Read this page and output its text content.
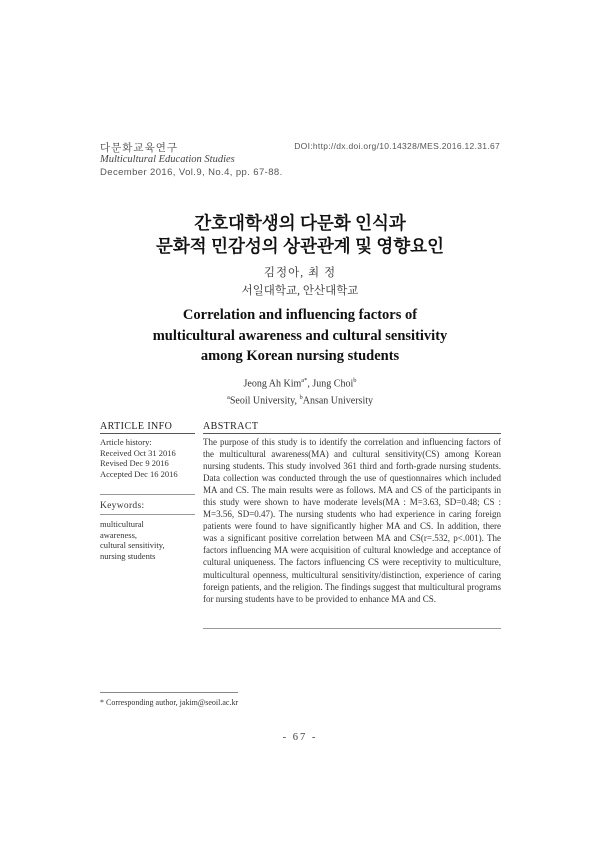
다문화교육연구
Multicultural Education Studies
December 2016, Vol.9, No.4, pp. 67-88.
DOI:http://dx.doi.org/10.14328/MES.2016.12.31.67
간호대학생의 다문화 인식과
문화적 민감성의 상관관계 및 영향요인
김정아, 최 정
서일대학교, 안산대학교
Correlation and influencing factors of
multicultural awareness and cultural sensitivity
among Korean nursing students
Jeong Ah Kim$^{a*}$, Jung Choi$^b$
$^a$Seoil University, $^b$Ansan University
ARTICLE INFO	ABSTRACT
Article history:
Received Oct 31 2016
Revised Dec 9 2016
Accepted Dec 16 2016
Keywords:
multicultural
awareness,
cultural sensitivity,
nursing students
The purpose of this study is to identify the correlation and influencing factors of the multicultural awareness(MA) and cultural sensitivity(CS) among Korean nursing students. This study involved 361 third and forth-grade nursing students. Data collection was conducted through the use of questionnaires which included MA and CS. The main results were as follows. MA and CS of the participants in this study were shown to have moderate levels(MA : M=3.63, SD=0.48; CS : M=3.56, SD=0.47). The nursing students who had experience in caring foreign patients were found to have significantly higher MA and CS. In addition, there was a significant positive correlation between MA and CS(r=.532, p<.001). The factors influencing MA were acquisition of cultural knowledge and acceptance of cultural uniqueness. The factors influencing CS were receptivity to multiculture, multicultural openness, multicultural sensitivity/distinction, experience of caring foreign patients, and the religion. The findings suggest that multicultural programs for nursing students have to be provided to enhance MA and CS.
* Corresponding author, jakim@seoil.ac.kr
- 67 -
